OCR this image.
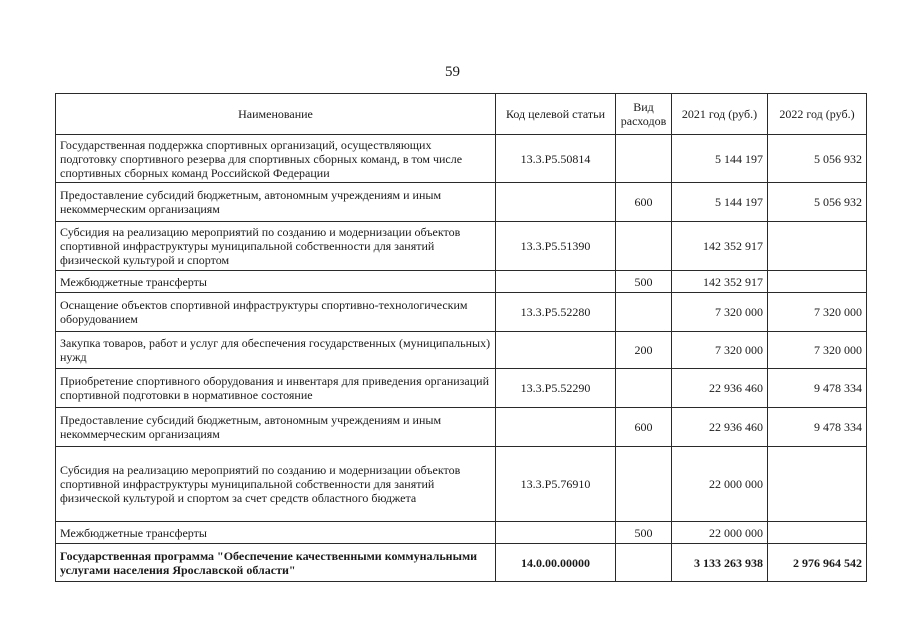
59
Наименование	Код целевой статьи	Вид расходов	2021 год (руб.)	2022 год (руб.)
Государственная поддержка спортивных организаций, осуществляющих подготовку спортивного резерва для спортивных сборных команд, в том числе спортивных сборных команд Российской Федерации	13.3.P5.50814		5 144 197	5 056 932
Предоставление субсидий бюджетным, автономным учреждениям и иным некоммерческим организациям		600	5 144 197	5 056 932
Субсидия на реализацию мероприятий по созданию и модернизации объектов спортивной инфраструктуры муниципальной собственности для занятий физической культурой и спортом	13.3.P5.51390		142 352 917	
Межбюджетные трансферты		500	142 352 917	
Оснащение объектов спортивной инфраструктуры спортивно-технологическим оборудованием	13.3.P5.52280		7 320 000	7 320 000
Закупка товаров, работ и услуг для обеспечения государственных (муниципальных) нужд		200	7 320 000	7 320 000
Приобретение спортивного оборудования и инвентаря для приведения организаций спортивной подготовки в нормативное состояние	13.3.P5.52290		22 936 460	9 478 334
Предоставление субсидий бюджетным, автономным учреждениям и иным некоммерческим организациям		600	22 936 460	9 478 334
Субсидия на реализацию мероприятий по созданию и модернизации объектов спортивной инфраструктуры муниципальной собственности для занятий физической культурой и спортом за счет средств областного бюджета	13.3.P5.76910		22 000 000	
Межбюджетные трансферты		500	22 000 000	
Государственная программа "Обеспечение качественными коммунальными услугами населения Ярославской области"	14.0.00.00000		3 133 263 938	2 976 964 542
